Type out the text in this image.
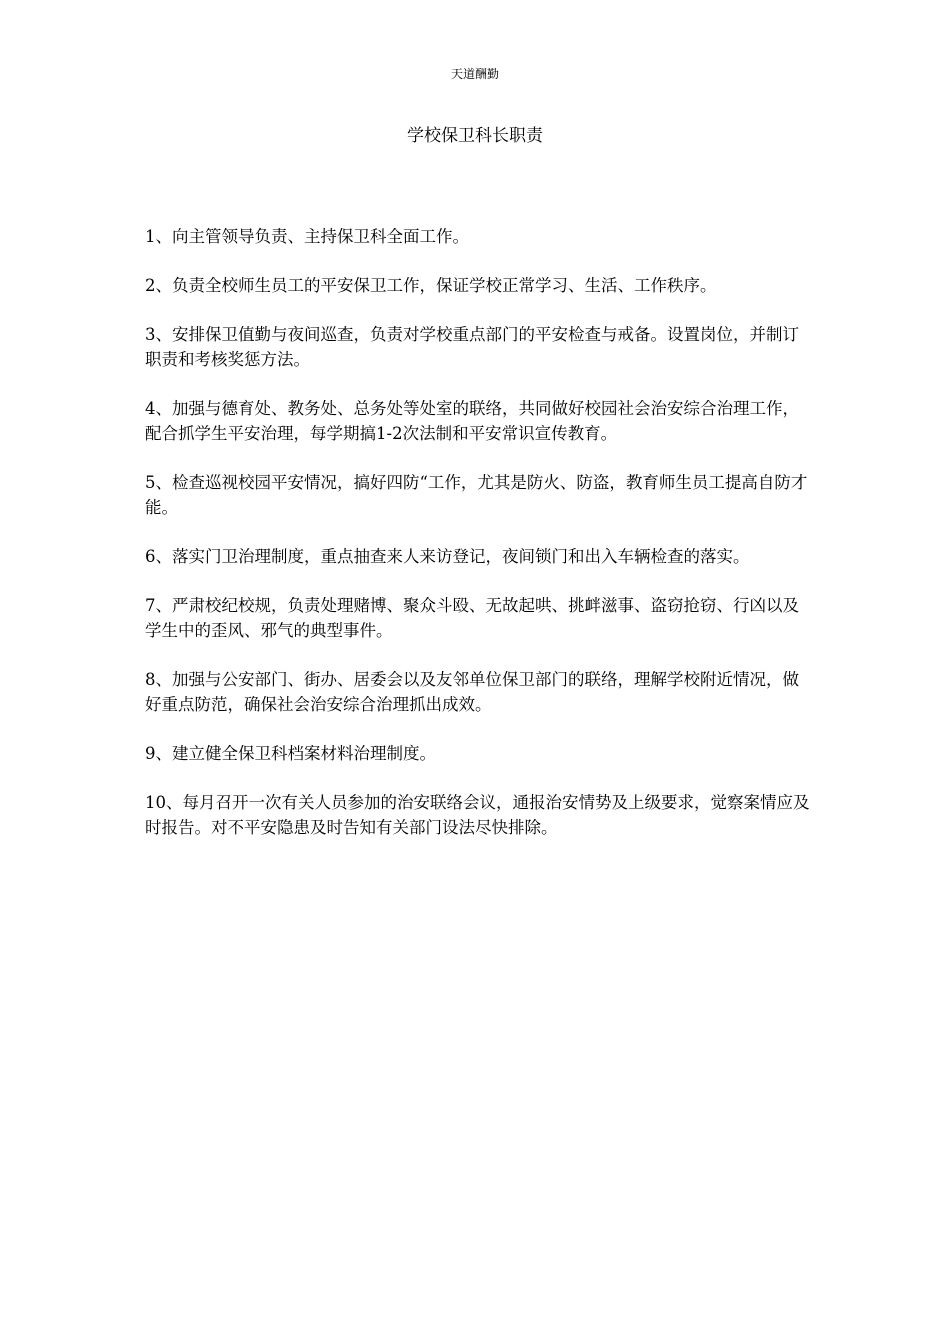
天道酬勤
学校保卫科长职责
1、向主管领导负责、主持保卫科全面工作。
2、负责全校师生员工的平安保卫工作，保证学校正常学习、生活、工作秩序。
3、安排保卫值勤与夜间巡查，负责对学校重点部门的平安检查与戒备。设置岗位，并制订职责和考核奖惩方法。
4、加强与德育处、教务处、总务处等处室的联络，共同做好校园社会治安综合治理工作，配合抓学生平安治理，每学期搞1-2次法制和平安常识宣传教育。
5、检查巡视校园平安情况，搞好四防“工作，尤其是防火、防盗，教育师生员工提高自防才能。
6、落实门卫治理制度，重点抽查来人来访登记，夜间锁门和出入车辆检查的落实。
7、严肃校纪校规，负责处理赌博、聚众斗殴、无故起哄、挑衅滋事、盗窃抢窃、行凶以及学生中的歪风、邪气的典型事件。
8、加强与公安部门、街办、居委会以及友邻单位保卫部门的联络，理解学校附近情况，做好重点防范，确保社会治安综合治理抓出成效。
9、建立健全保卫科档案材料治理制度。
10、每月召开一次有关人员参加的治安联络会议，通报治安情势及上级要求，觉察案情应及时报告。对不平安隐患及时告知有关部门设法尽快排除。
